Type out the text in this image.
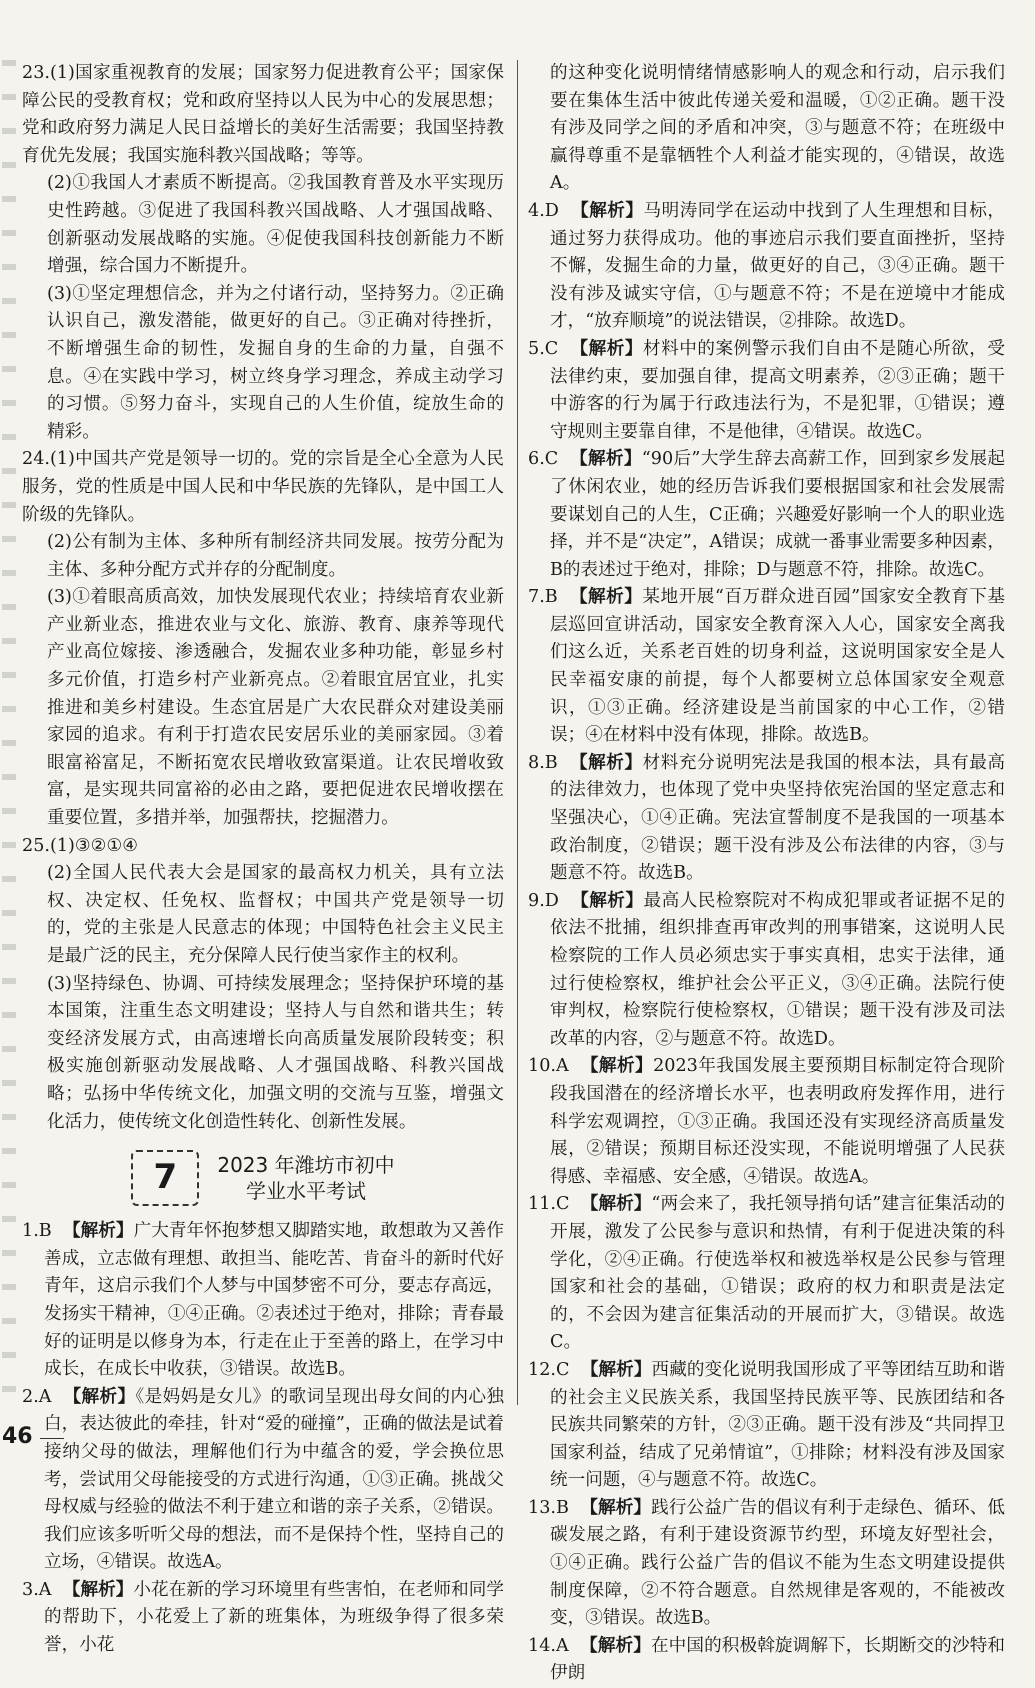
23.(1)国家重视教育的发展；国家努力促进教育公平；国家保障公民的受教育权；党和政府坚持以人民为中心的发展思想；党和政府努力满足人民日益增长的美好生活需要；我国坚持教育优先发展；我国实施科教兴国战略；等等。

(2)①我国人才素质不断提高。②我国教育普及水平实现历史性跨越。③促进了我国科教兴国战略、人才强国战略、创新驱动发展战略的实施。④促使我国科技创新能力不断增强，综合国力不断提升。

(3)①坚定理想信念，并为之付诸行动，坚持努力。②正确认识自己，激发潜能，做更好的自己。③正确对待挫折，不断增强生命的韧性，发掘自身的生命的力量，自强不息。④在实践中学习，树立终身学习理念，养成主动学习的习惯。⑤努力奋斗，实现自己的人生价值，绽放生命的精彩。

24.(1)中国共产党是领导一切的。党的宗旨是全心全意为人民服务，党的性质是中国人民和中华民族的先锋队，是中国工人阶级的先锋队。

(2)公有制为主体、多种所有制经济共同发展。按劳分配为主体、多种分配方式并存的分配制度。

(3)①着眼高质高效，加快发展现代农业；持续培育农业新产业新业态，推进农业与文化、旅游、教育、康养等现代产业高位嫁接、渗透融合，发掘农业多种功能，彰显乡村多元价值，打造乡村产业新亮点。②着眼宜居宜业，扎实推进和美乡村建设。生态宜居是广大农民群众对建设美丽家园的追求。有利于打造农民安居乐业的美丽家园。③着眼富裕富足，不断拓宽农民增收致富渠道。让农民增收致富，是实现共同富裕的必由之路，要把促进农民增收摆在重要位置，多措并举，加强帮扶，挖掘潜力。

25.(1)③②①④

(2)全国人民代表大会是国家的最高权力机关，具有立法权、决定权、任免权、监督权；中国共产党是领导一切的，党的主张是人民意志的体现；中国特色社会主义民主是最广泛的民主，充分保障人民行使当家作主的权利。

(3)坚持绿色、协调、可持续发展理念；坚持保护环境的基本国策，注重生态文明建设；坚持人与自然和谐共生；转变经济发展方式，由高速增长向高质量发展阶段转变；积极实施创新驱动发展战略、人才强国战略、科教兴国战略；弘扬中华传统文化，加强文明的交流与互鉴，增强文化活力，使传统文化创造性转化、创新性发展。

7	2023 年潍坊市初中
学业水平考试

1.B 【解析】广大青年怀抱梦想又脚踏实地，敢想敢为又善作善成，立志做有理想、敢担当、能吃苦、肯奋斗的新时代好青年，这启示我们个人梦与中国梦密不可分，要志存高远，发扬实干精神，①④正确。②表述过于绝对，排除；青春最好的证明是以修身为本，行走在止于至善的路上，在学习中成长，在成长中收获，③错误。故选B。

2.A 【解析】《是妈妈是女儿》的歌词呈现出母女间的内心独白，表达彼此的牵挂，针对“爱的碰撞”，正确的做法是试着接纳父母的做法，理解他们行为中蕴含的爱，学会换位思考，尝试用父母能接受的方式进行沟通，①③正确。挑战父母权威与经验的做法不利于建立和谐的亲子关系，②错误。我们应该多听听父母的想法，而不是保持个性，坚持自己的立场，④错误。故选A。

3.A 【解析】小花在新的学习环境里有些害怕，在老师和同学的帮助下，小花爱上了新的班集体，为班级争得了很多荣誉，小花

的这种变化说明情绪情感影响人的观念和行动，启示我们要在集体生活中彼此传递关爱和温暖，①②正确。题干没有涉及同学之间的矛盾和冲突，③与题意不符；在班级中赢得尊重不是靠牺牲个人利益才能实现的，④错误，故选A。

4.D 【解析】马明涛同学在运动中找到了人生理想和目标，通过努力获得成功。他的事迹启示我们要直面挫折，坚持不懈，发掘生命的力量，做更好的自己，③④正确。题干没有涉及诚实守信，①与题意不符；不是在逆境中才能成才，“放弃顺境”的说法错误，②排除。故选D。

5.C 【解析】材料中的案例警示我们自由不是随心所欲，受法律约束，要加强自律，提高文明素养，②③正确；题干中游客的行为属于行政违法行为，不是犯罪，①错误；遵守规则主要靠自律，不是他律，④错误。故选C。

6.C 【解析】“90后”大学生辞去高薪工作，回到家乡发展起了休闲农业，她的经历告诉我们要根据国家和社会发展需要谋划自己的人生，C正确；兴趣爱好影响一个人的职业选择，并不是“决定”，A错误；成就一番事业需要多种因素，B的表述过于绝对，排除；D与题意不符，排除。故选C。

7.B 【解析】某地开展“百万群众进百园”国家安全教育下基层巡回宣讲活动，国家安全教育深入人心，国家安全离我们这么近，关系老百姓的切身利益，这说明国家安全是人民幸福安康的前提，每个人都要树立总体国家安全观意识，①③正确。经济建设是当前国家的中心工作，②错误；④在材料中没有体现，排除。故选B。

8.B 【解析】材料充分说明宪法是我国的根本法，具有最高的法律效力，也体现了党中央坚持依宪治国的坚定意志和坚强决心，①④正确。宪法宣誓制度不是我国的一项基本政治制度，②错误；题干没有涉及公布法律的内容，③与题意不符。故选B。

9.D 【解析】最高人民检察院对不构成犯罪或者证据不足的依法不批捕，组织排查再审改判的刑事错案，这说明人民检察院的工作人员必须忠实于事实真相，忠实于法律，通过行使检察权，维护社会公平正义，③④正确。法院行使审判权，检察院行使检察权，①错误；题干没有涉及司法改革的内容，②与题意不符。故选D。

10.A 【解析】2023年我国发展主要预期目标制定符合现阶段我国潜在的经济增长水平，也表明政府发挥作用，进行科学宏观调控，①③正确。我国还没有实现经济高质量发展，②错误；预期目标还没实现，不能说明增强了人民获得感、幸福感、安全感，④错误。故选A。

11.C 【解析】“两会来了，我托领导捎句话”建言征集活动的开展，激发了公民参与意识和热情，有利于促进决策的科学化，②④正确。行使选举权和被选举权是公民参与管理国家和社会的基础，①错误；政府的权力和职责是法定的，不会因为建言征集活动的开展而扩大，③错误。故选C。

12.C 【解析】西藏的变化说明我国形成了平等团结互助和谐的社会主义民族关系，我国坚持民族平等、民族团结和各民族共同繁荣的方针，②③正确。题干没有涉及“共同捍卫国家利益，结成了兄弟情谊”，①排除；材料没有涉及国家统一问题，④与题意不符。故选C。

13.B 【解析】践行公益广告的倡议有利于走绿色、循环、低碳发展之路，有利于建设资源节约型，环境友好型社会，①④正确。践行公益广告的倡议不能为生态文明建设提供制度保障，②不符合题意。自然规律是客观的，不能被改变，③错误。故选B。

14.A 【解析】在中国的积极斡旋调解下，长期断交的沙特和伊朗

46
